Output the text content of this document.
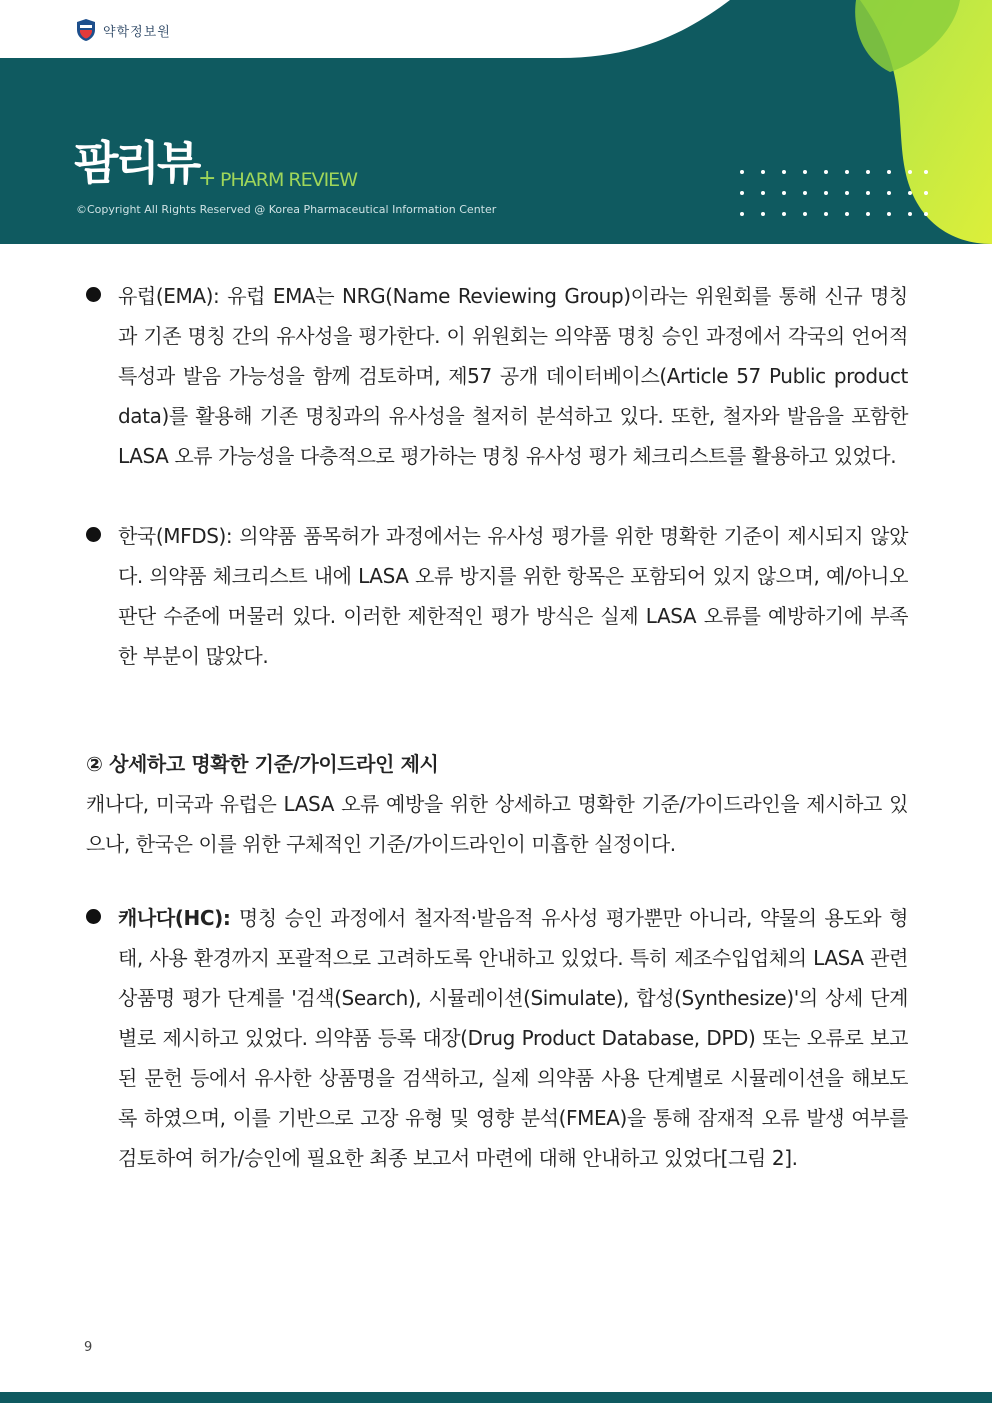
약학정보원
팜리뷰 + PHARM REVIEW
©Copyright All Rights Reserved @ Korea Pharmaceutical Information Center
유럽(EMA): 유럽 EMA는 NRG(Name Reviewing Group)이라는 위원회를 통해 신규 명칭과 기존 명칭 간의 유사성을 평가한다. 이 위원회는 의약품 명칭 승인 과정에서 각국의 언어적 특성과 발음 가능성을 함께 검토하며, 제57 공개 데이터베이스(Article 57 Public product data)를 활용해 기존 명칭과의 유사성을 철저히 분석하고 있다. 또한, 철자와 발음을 포함한 LASA 오류 가능성을 다층적으로 평가하는 명칭 유사성 평가 체크리스트를 활용하고 있었다.
한국(MFDS): 의약품 품목허가 과정에서는 유사성 평가를 위한 명확한 기준이 제시되지 않았다. 의약품 체크리스트 내에 LASA 오류 방지를 위한 항목은 포함되어 있지 않으며, 예/아니오 판단 수준에 머물러 있다. 이러한 제한적인 평가 방식은 실제 LASA 오류를 예방하기에 부족한 부분이 많았다.
② 상세하고 명확한 기준/가이드라인 제시
캐나다, 미국과 유럽은 LASA 오류 예방을 위한 상세하고 명확한 기준/가이드라인을 제시하고 있으나, 한국은 이를 위한 구체적인 기준/가이드라인이 미흡한 실정이다.
캐나다(HC): 명칭 승인 과정에서 철자적·발음적 유사성 평가뿐만 아니라, 약물의 용도와 형태, 사용 환경까지 포괄적으로 고려하도록 안내하고 있었다. 특히 제조수입업체의 LASA 관련 상품명 평가 단계를 '검색(Search), 시뮬레이션(Simulate), 합성(Synthesize)'의 상세 단계별로 제시하고 있었다. 의약품 등록 대장(Drug Product Database, DPD) 또는 오류로 보고된 문헌 등에서 유사한 상품명을 검색하고, 실제 의약품 사용 단계별로 시뮬레이션을 해보도록 하였으며, 이를 기반으로 고장 유형 및 영향 분석(FMEA)을 통해 잠재적 오류 발생 여부를 검토하여 허가/승인에 필요한 최종 보고서 마련에 대해 안내하고 있었다[그림 2].
9
